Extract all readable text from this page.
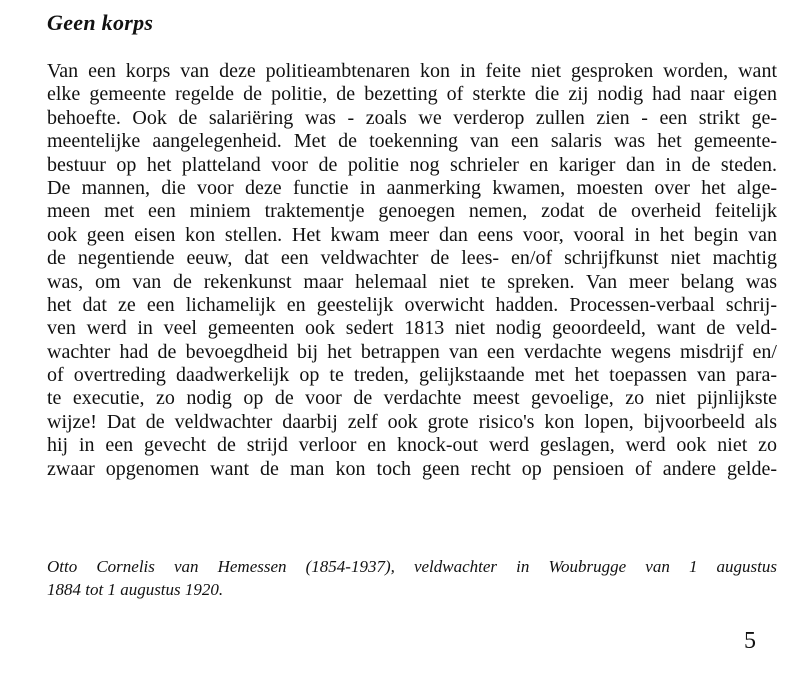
Geen korps
Van een korps van deze politieambtenaren kon in feite niet gesproken worden, want
elke gemeente regelde de politie, de bezetting of sterkte die zij nodig had naar eigen
behoefte. Ook de salariëring was - zoals we verderop zullen zien - een strikt ge-
meentelijke aangelegenheid. Met de toekenning van een salaris was het gemeente-
bestuur op het platteland voor de politie nog schrieler en kariger dan in de steden.
De mannen, die voor deze functie in aanmerking kwamen, moesten over het alge-
meen met een miniem traktementje genoegen nemen, zodat de overheid feitelijk
ook geen eisen kon stellen. Het kwam meer dan eens voor, vooral in het begin van
de negentiende eeuw, dat een veldwachter de lees- en/of schrijfkunst niet machtig
was, om van de rekenkunst maar helemaal niet te spreken. Van meer belang was
het dat ze een lichamelijk en geestelijk overwicht hadden. Processen-verbaal schrij-
ven werd in veel gemeenten ook sedert 1813 niet nodig geoordeeld, want de veld-
wachter had de bevoegdheid bij het betrappen van een verdachte wegens misdrijf en/
of overtreding daadwerkelijk op te treden, gelijkstaande met het toepassen van para-
te executie, zo nodig op de voor de verdachte meest gevoelige, zo niet pijnlijkste
wijze! Dat de veldwachter daarbij zelf ook grote risico's kon lopen, bijvoorbeeld als
hij in een gevecht de strijd verloor en knock-out werd geslagen, werd ook niet zo
zwaar opgenomen want de man kon toch geen recht op pensioen of andere gelde-
Otto Cornelis van Hemessen (1854-1937), veldwachter in Woubrugge van 1 augustus
1884 tot 1 augustus 1920.
5
